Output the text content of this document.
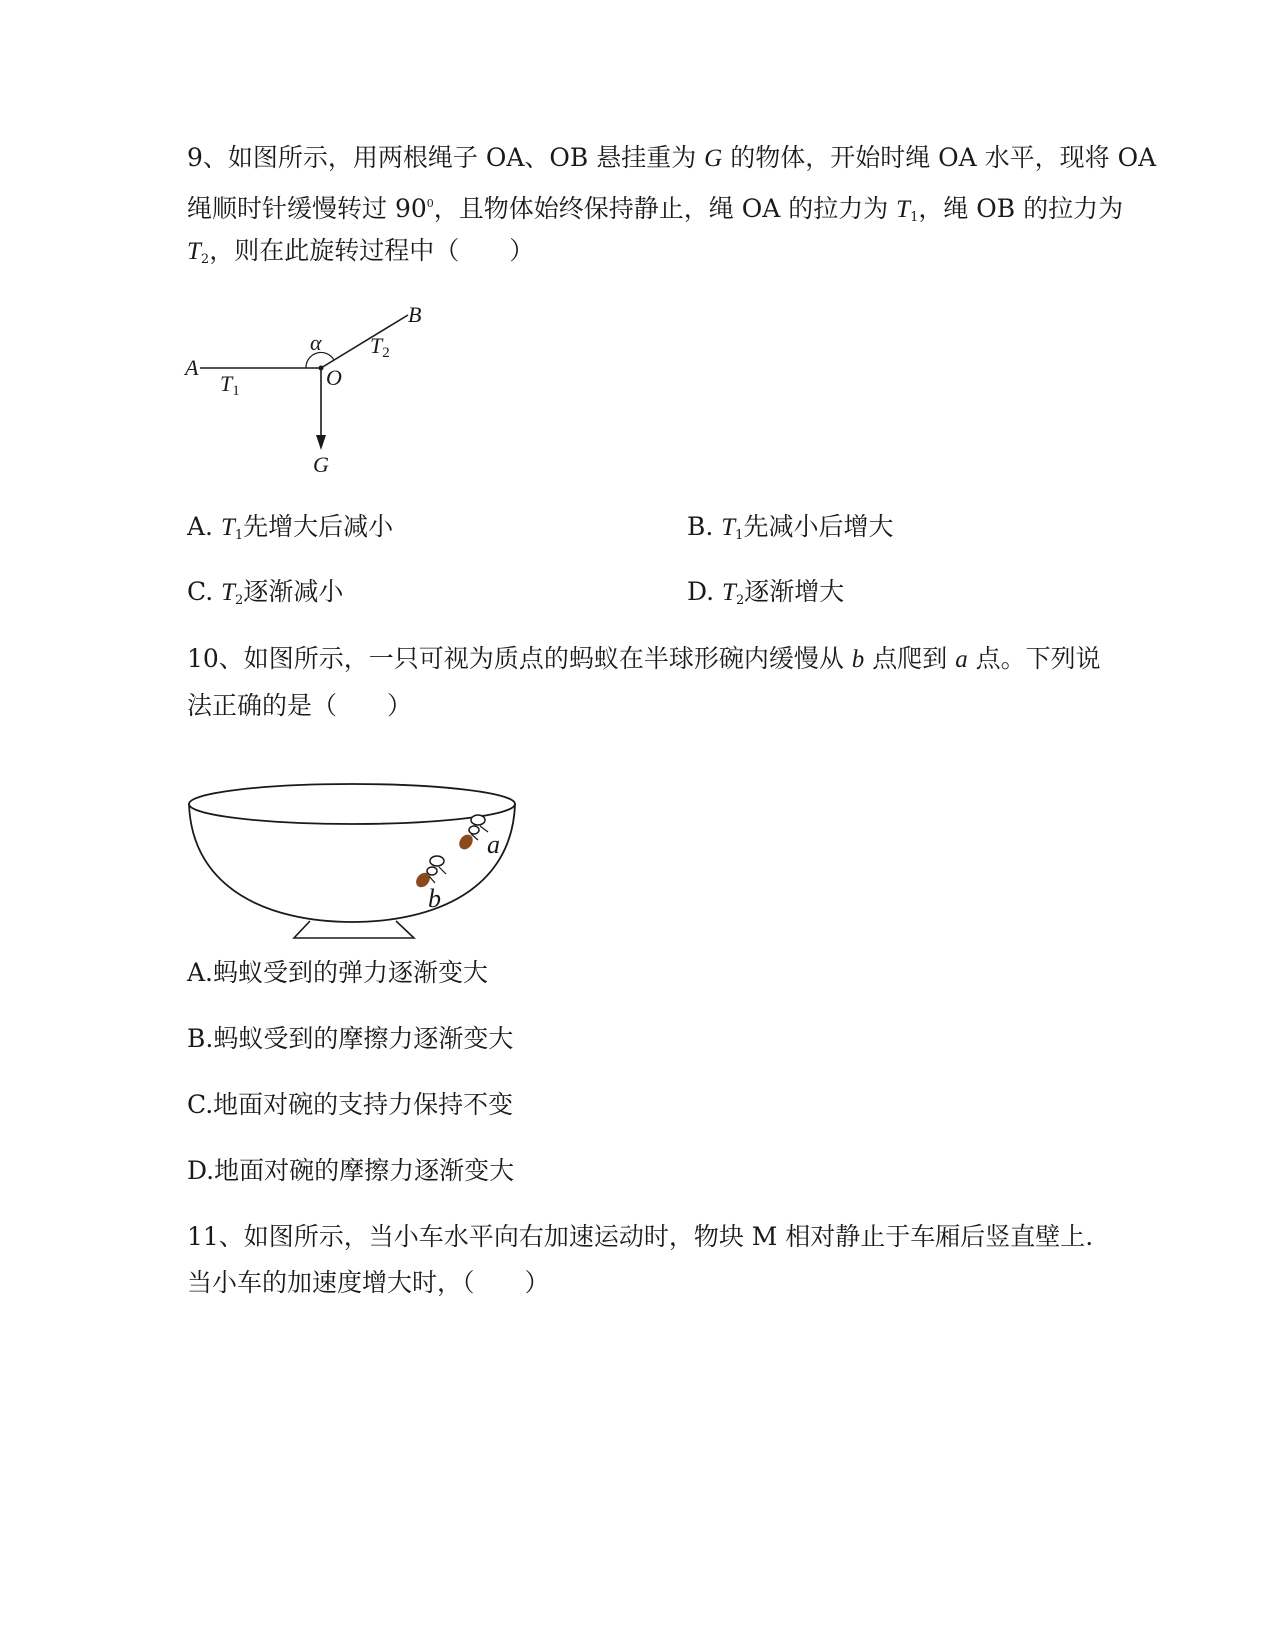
9、如图所示，用两根绳子 OA、OB 悬挂重为 G 的物体，开始时绳 OA 水平，现将 OA
绳顺时针缓慢转过 $90^0$，且物体始终保持静止，绳 OA 的拉力为 $T_1$，绳 OB 的拉力为
$T_2$，则在此旋转过程中（　　）
A
B
O
G
α
T1
T2
A. $T_1$先增大后减小	B. $T_1$先减小后增大
C. $T_2$逐渐减小	D. $T_2$逐渐增大
10、如图所示，一只可视为质点的蚂蚁在半球形碗内缓慢从 b 点爬到 a 点。下列说
法正确的是（　　）
a
b
A.蚂蚁受到的弹力逐渐变大
B.蚂蚁受到的摩擦力逐渐变大
C.地面对碗的支持力保持不变
D.地面对碗的摩擦力逐渐变大
11、如图所示，当小车水平向右加速运动时，物块 M 相对静止于车厢后竖直壁上.
当小车的加速度增大时，（　　）
